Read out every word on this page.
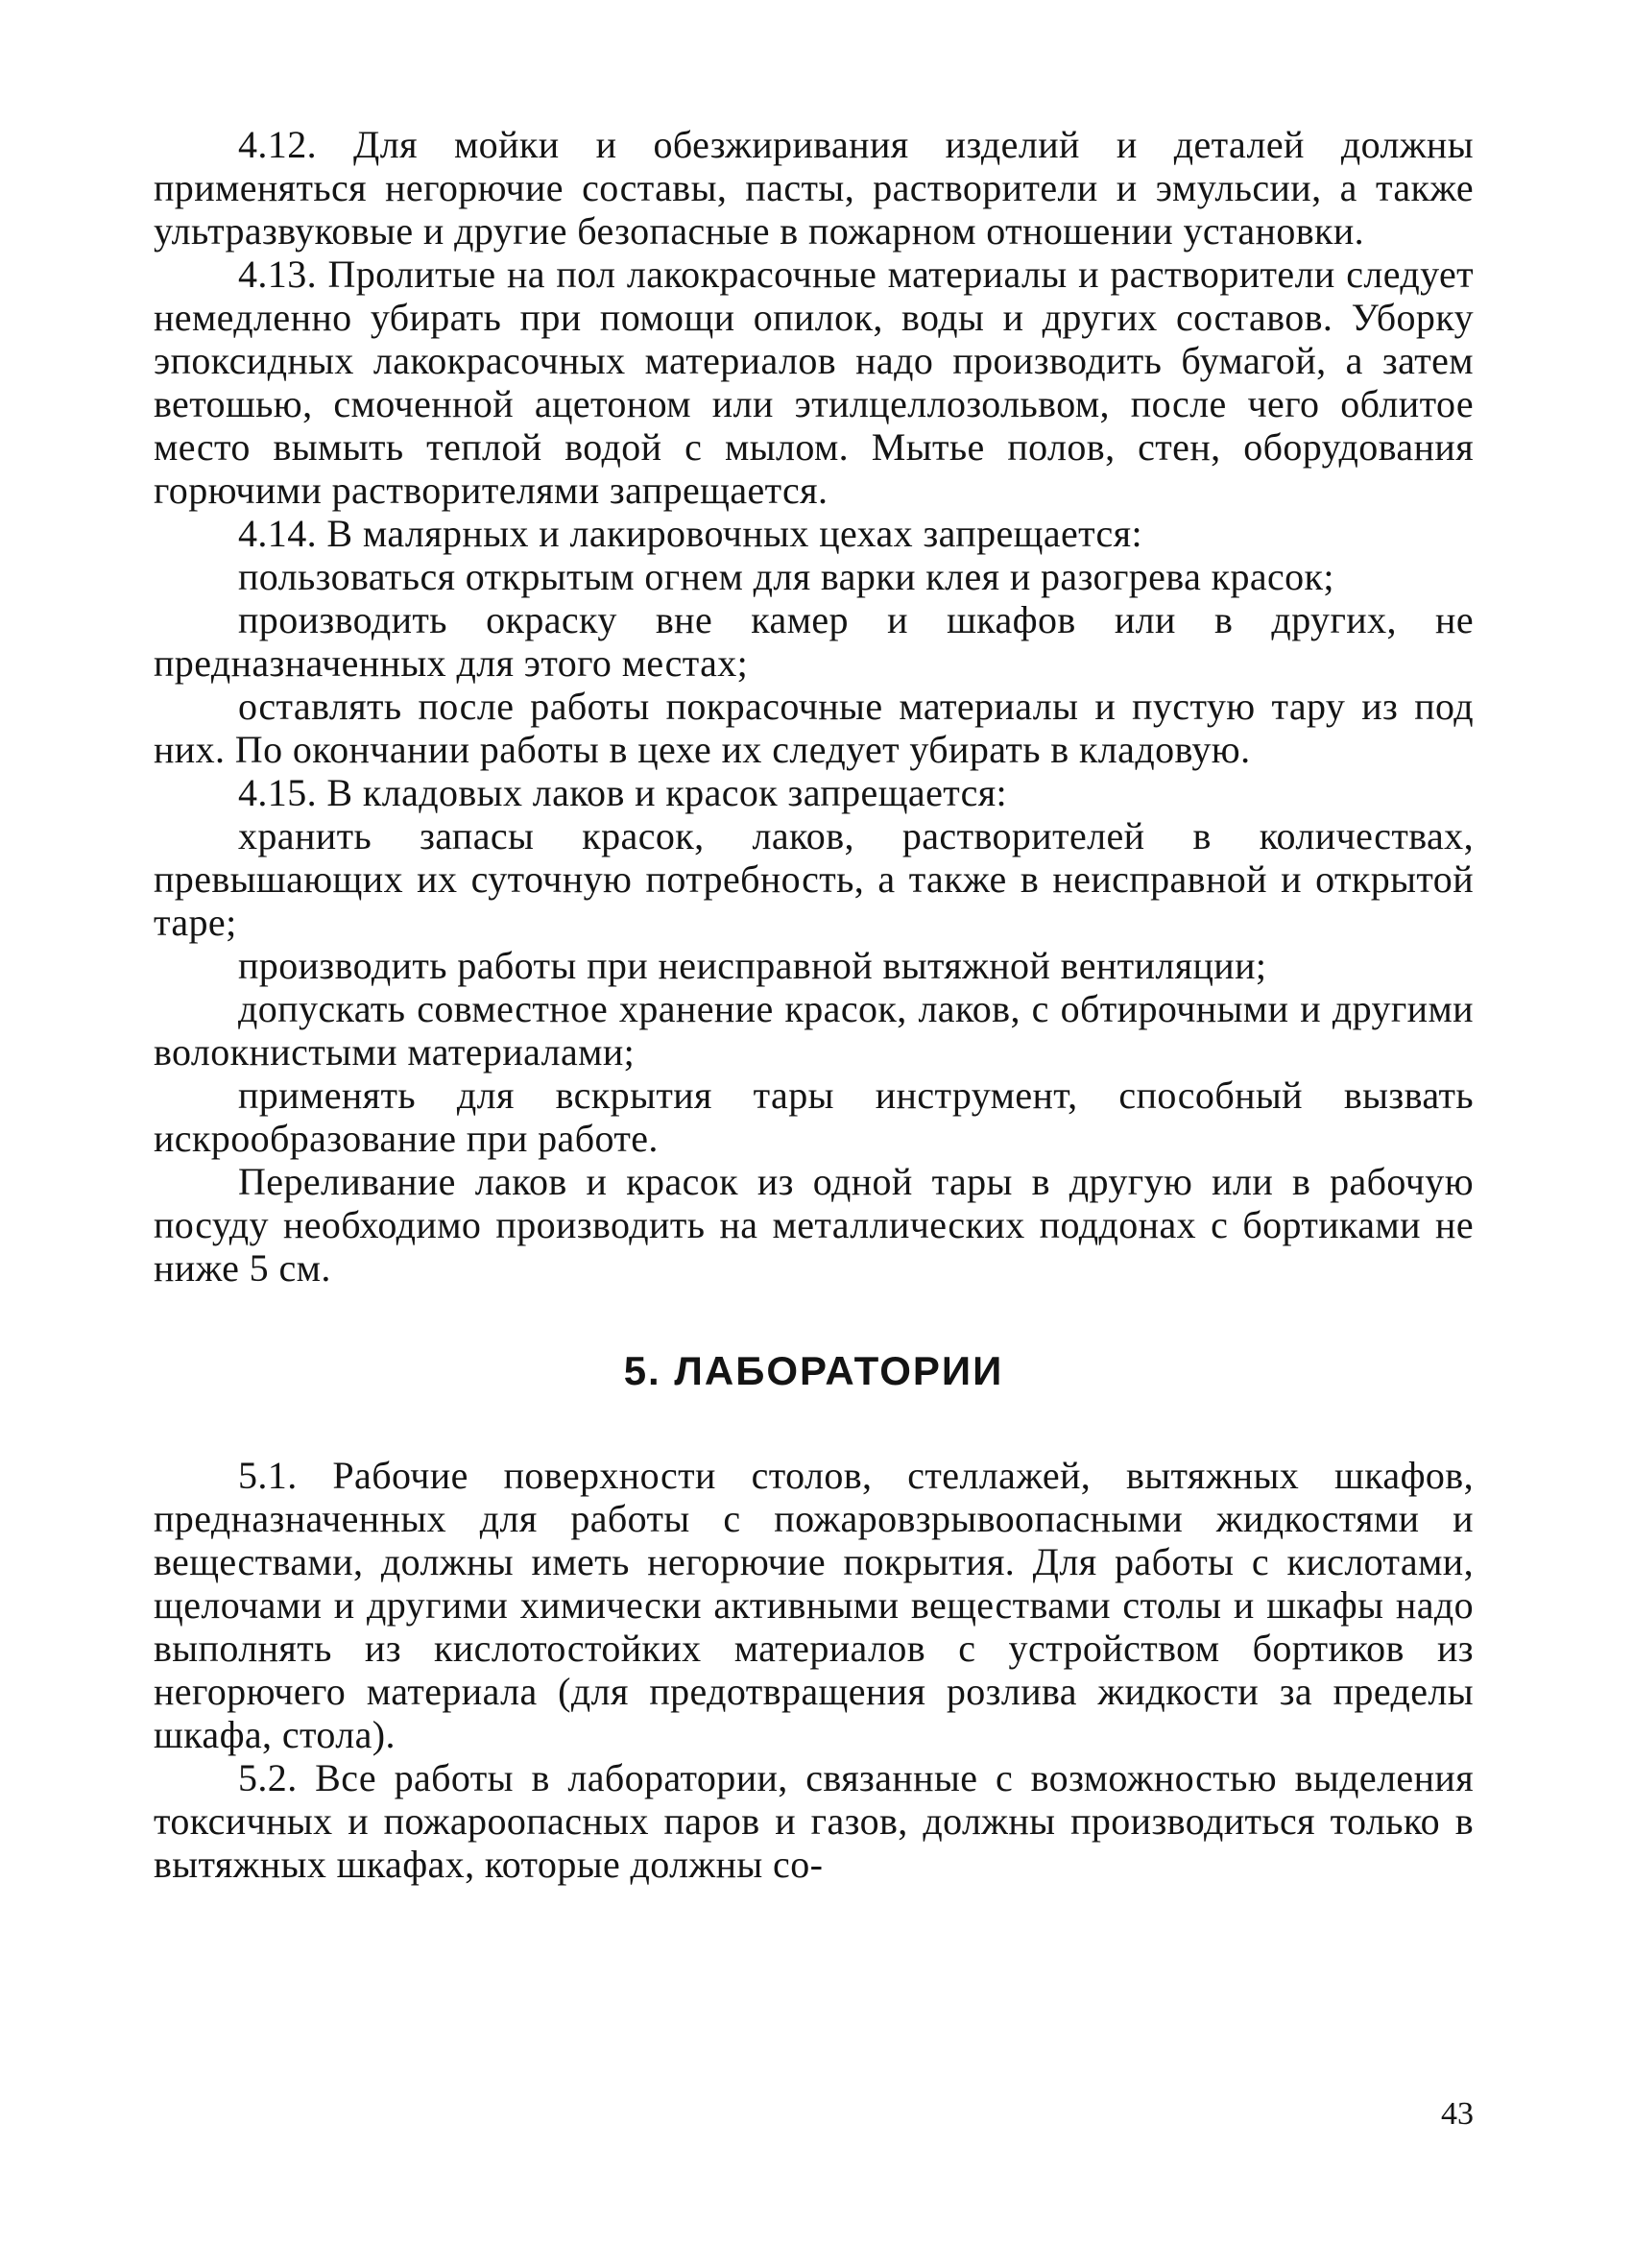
4.12. Для мойки и обезжиривания изделий и деталей должны применяться негорючие составы, пасты, растворители и эмульсии, а также ультразвуковые и другие безопасные в пожарном отношении установки.

4.13. Пролитые на пол лакокрасочные материалы и растворители следует немедленно убирать при помощи опилок, воды и других составов. Уборку эпоксидных лакокрасочных материалов надо производить бумагой, а затем ветошью, смоченной ацетоном или этилцеллозольвом, после чего облитое место вымыть теплой водой с мылом. Мытье полов, стен, оборудования горючими растворителями запрещается.

4.14. В малярных и лакировочных цехах запрещается:

пользоваться открытым огнем для варки клея и разогрева красок;

производить окраску вне камер и шкафов или в других, не предназначенных для этого местах;

оставлять после работы покрасочные материалы и пустую тару из под них. По окончании работы в цехе их следует убирать в кладовую.

4.15. В кладовых лаков и красок запрещается:

хранить запасы красок, лаков, растворителей в количествах, превышающих их суточную потребность, а также в неисправной и открытой таре;

производить работы при неисправной вытяжной вентиляции;

допускать совместное хранение красок, лаков, с обтирочными и другими волокнистыми материалами;

применять для вскрытия тары инструмент, способный вызвать искрообразование при работе.

Переливание лаков и красок из одной тары в другую или в рабочую посуду необходимо производить на металлических поддонах с бортиками не ниже 5 см.

5. ЛАБОРАТОРИИ

5.1. Рабочие поверхности столов, стеллажей, вытяжных шкафов, предназначенных для работы с пожаровзрывоопасными жидкостями и веществами, должны иметь негорючие покрытия. Для работы с кислотами, щелочами и другими химически активными веществами столы и шкафы надо выполнять из кислотостойких материалов с устройством бортиков из негорючего материала (для предотвращения розлива жидкости за пределы шкафа, стола).

5.2. Все работы в лаборатории, связанные с возможностью выделения токсичных и пожароопасных паров и газов, должны производиться только в вытяжных шкафах, которые должны со-

43
